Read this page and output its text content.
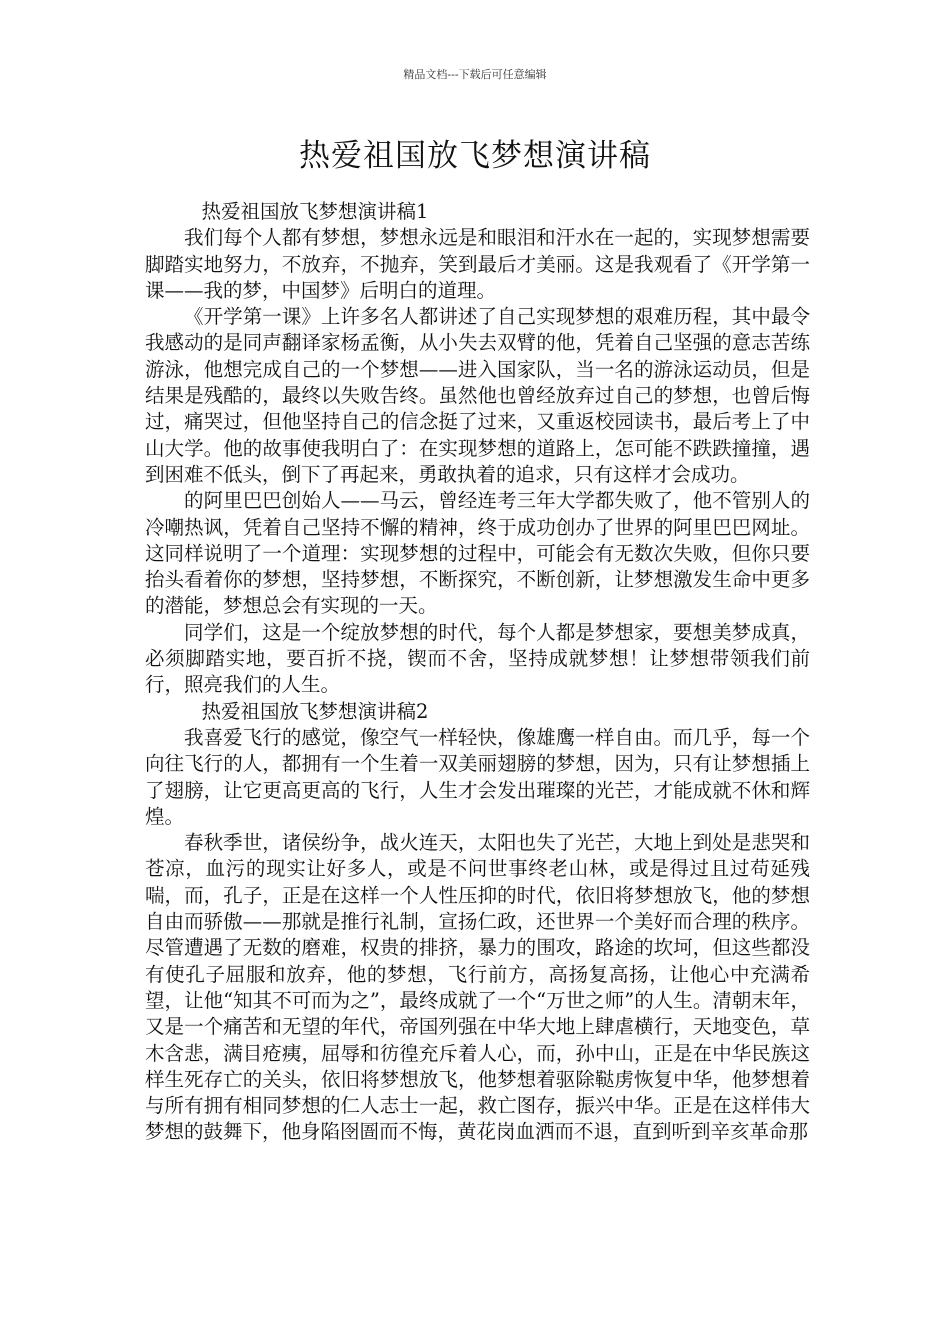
精品文档---下载后可任意编辑
热爱祖国放飞梦想演讲稿

热爱祖国放飞梦想演讲稿1

我们每个人都有梦想，梦想永远是和眼泪和汗水在一起的，实现梦想需要脚踏实地努力，不放弃，不抛弃，笑到最后才美丽。这是我观看了《开学第一课——我的梦，中国梦》后明白的道理。

《开学第一课》上许多名人都讲述了自己实现梦想的艰难历程，其中最令我感动的是同声翻译家杨孟衡，从小失去双臂的他，凭着自己坚强的意志苦练游泳，他想完成自己的一个梦想——进入国家队，当一名的游泳运动员，但是结果是残酷的，最终以失败告终。虽然他也曾经放弃过自己的梦想，也曾后悔过，痛哭过，但他坚持自己的信念挺了过来，又重返校园读书，最后考上了中山大学。他的故事使我明白了：在实现梦想的道路上，怎可能不跌跌撞撞，遇到困难不低头，倒下了再起来，勇敢执着的追求，只有这样才会成功。

的阿里巴巴创始人——马云，曾经连考三年大学都失败了，他不管别人的冷嘲热讽，凭着自己坚持不懈的精神，终于成功创办了世界的阿里巴巴网址。这同样说明了一个道理：实现梦想的过程中，可能会有无数次失败，但你只要抬头看着你的梦想，坚持梦想，不断探究，不断创新，让梦想激发生命中更多的潜能，梦想总会有实现的一天。

同学们，这是一个绽放梦想的时代，每个人都是梦想家，要想美梦成真，必须脚踏实地，要百折不挠，锲而不舍，坚持成就梦想！让梦想带领我们前行，照亮我们的人生。

热爱祖国放飞梦想演讲稿2

我喜爱飞行的感觉，像空气一样轻快，像雄鹰一样自由。而几乎，每一个向往飞行的人，都拥有一个生着一双美丽翅膀的梦想，因为，只有让梦想插上了翅膀，让它更高更高的飞行，人生才会发出璀璨的光芒，才能成就不休和辉煌。

春秋季世，诸侯纷争，战火连天，太阳也失了光芒，大地上到处是悲哭和苍凉，血污的现实让好多人，或是不问世事终老山林，或是得过且过苟延残喘，而，孔子，正是在这样一个人性压抑的时代，依旧将梦想放飞，他的梦想自由而骄傲——那就是推行礼制，宣扬仁政，还世界一个美好而合理的秩序。尽管遭遇了无数的磨难，权贵的排挤，暴力的围攻，路途的坎坷，但这些都没有使孔子屈服和放弃，他的梦想，飞行前方，高扬复高扬，让他心中充满希望，让他“知其不可而为之”，最终成就了一个“万世之师”的人生。清朝末年，又是一个痛苦和无望的年代，帝国列强在中华大地上肆虐横行，天地变色，草木含悲，满目疮痍，屈辱和彷徨充斥着人心，而，孙中山，正是在中华民族这样生死存亡的关头，依旧将梦想放飞，他梦想着驱除鞑虏恢复中华，他梦想着与所有拥有相同梦想的仁人志士一起，救亡图存，振兴中华。正是在这样伟大梦想的鼓舞下，他身陷囹圄而不悔，黄花岗血洒而不退，直到听到辛亥革命那
